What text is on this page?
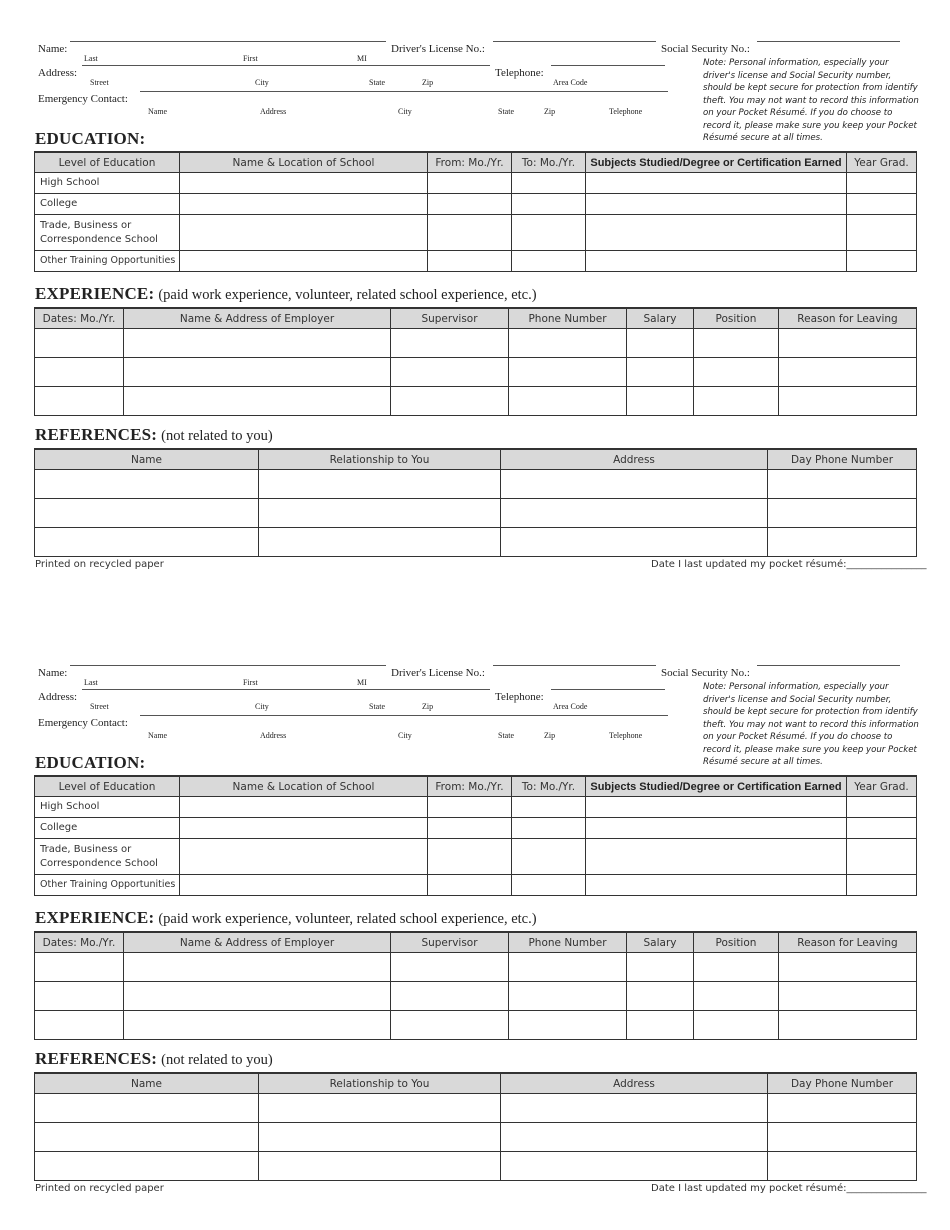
Name:
Last	First	MI
Driver's License No.:	Social Security No.:
Address:
Street	City	State	Zip
Telephone:
Area Code
Emergency Contact:
Name	Address	City	State	Zip	Telephone
Note: Personal information, especially your driver's license and Social Security number, should be kept secure for protection from identify theft. You may not want to record this information on your Pocket Résumé. If you do choose to record it, please make sure you keep your Pocket Résumé secure at all times.
EDUCATION:
Level of Education	Name & Location of School	From: Mo./Yr.	To: Mo./Yr.	Subjects Studied/Degree or Certification Earned	Year Grad.
High School					
College					
Trade, Business or Correspondence School					
Other Training Opportunities					
EXPERIENCE: (paid work experience, volunteer, related school experience, etc.)
Dates: Mo./Yr.	Name & Address of Employer	Supervisor	Phone Number	Salary	Position	Reason for Leaving

REFERENCES: (not related to you)
Name	Relationship to You	Address	Day Phone Number

Printed on recycled paper	Date I last updated my pocket résumé:________________
Name:
Last	First	MI
Driver's License No.:	Social Security No.:
Address:
Street	City	State	Zip
Telephone:
Area Code
Emergency Contact:
Name	Address	City	State	Zip	Telephone
Note: Personal information, especially your driver's license and Social Security number, should be kept secure for protection from identify theft. You may not want to record this information on your Pocket Résumé. If you do choose to record it, please make sure you keep your Pocket Résumé secure at all times.
EDUCATION:
Level of Education	Name & Location of School	From: Mo./Yr.	To: Mo./Yr.	Subjects Studied/Degree or Certification Earned	Year Grad.
High School					
College					
Trade, Business or Correspondence School					
Other Training Opportunities					
EXPERIENCE: (paid work experience, volunteer, related school experience, etc.)
Dates: Mo./Yr.	Name & Address of Employer	Supervisor	Phone Number	Salary	Position	Reason for Leaving

REFERENCES: (not related to you)
Name	Relationship to You	Address	Day Phone Number

Printed on recycled paper	Date I last updated my pocket résumé:________________
